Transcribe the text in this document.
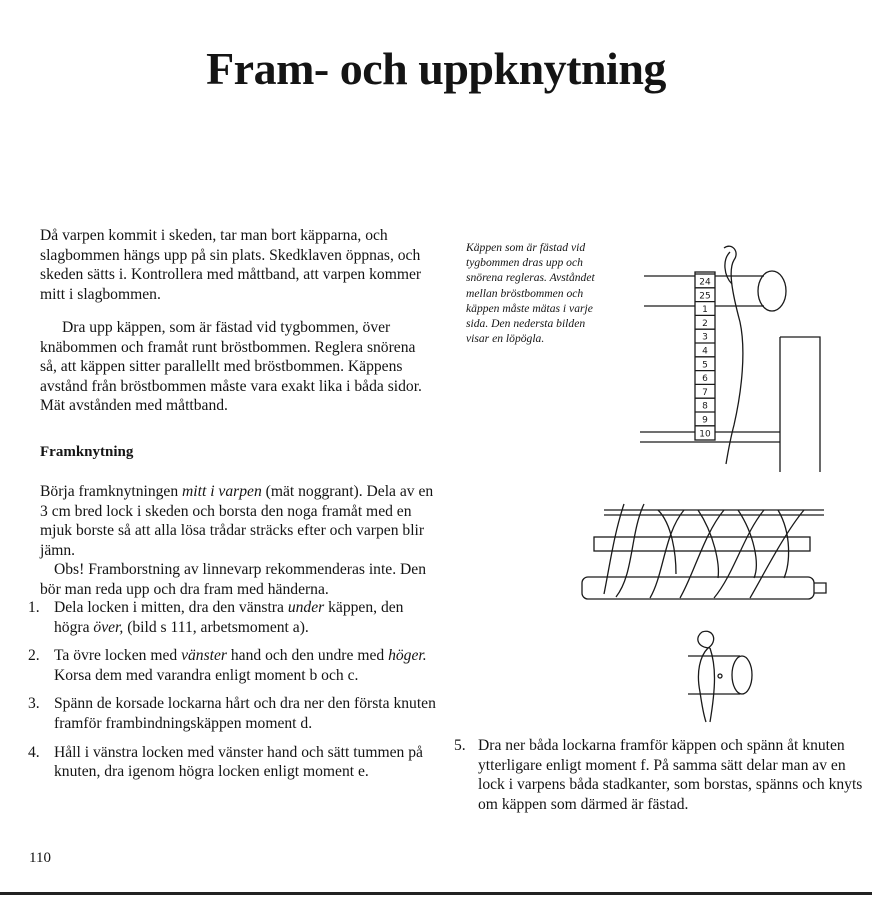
Fram- och uppknytning

Då varpen kommit i skeden, tar man bort käpparna, och slagbommen hängs upp på sin plats. Skedklaven öppnas, och skeden sätts i. Kontrollera med måttband, att varpen kommer mitt i slagbommen.

Dra upp käppen, som är fästad vid tygbommen, över knäbommen och framåt runt bröstbommen. Reglera snörena så, att käppen sitter parallellt med bröstbommen. Käppens avstånd från bröstbommen måste vara exakt lika i båda sidor. Mät avstånden med måttband.

Framknytning

Börja framknytningen mitt i varpen (mät noggrant). Dela av en 3 cm bred lock i skeden och borsta den noga framåt med en mjuk borste så att alla lösa trådar sträcks efter och varpen blir jämn.

Obs! Framborstning av linnevarp rekommenderas inte. Den bör man reda upp och dra fram med händerna.

1. Dela locken i mitten, dra den vänstra under käppen, den högra över, (bild s 111, arbetsmoment a).
2. Ta övre locken med vänster hand och den undre med höger. Korsa dem med varandra enligt moment b och c.
3. Spänn de korsade lockarna hårt och dra ner den första knuten framför frambindningskäppen moment d.
4. Håll i vänstra locken med vänster hand och sätt tummen på knuten, dra igenom högra locken enligt moment e.

Käppen som är fästad vid tygbommen dras upp och snörena regleras. Avståndet mellan bröstbommen och käppen måste mätas i varje sida. Den nedersta bilden visar en löpögla.

24
25
1
2
3
4
5
6
7
8
9
10

5. Dra ner båda lockarna framför käppen och spänn åt knuten ytterligare enligt moment f. På samma sätt delar man av en lock i varpens båda stadkanter, som borstas, spänns och knyts om käppen som därmed är fästad.

110
